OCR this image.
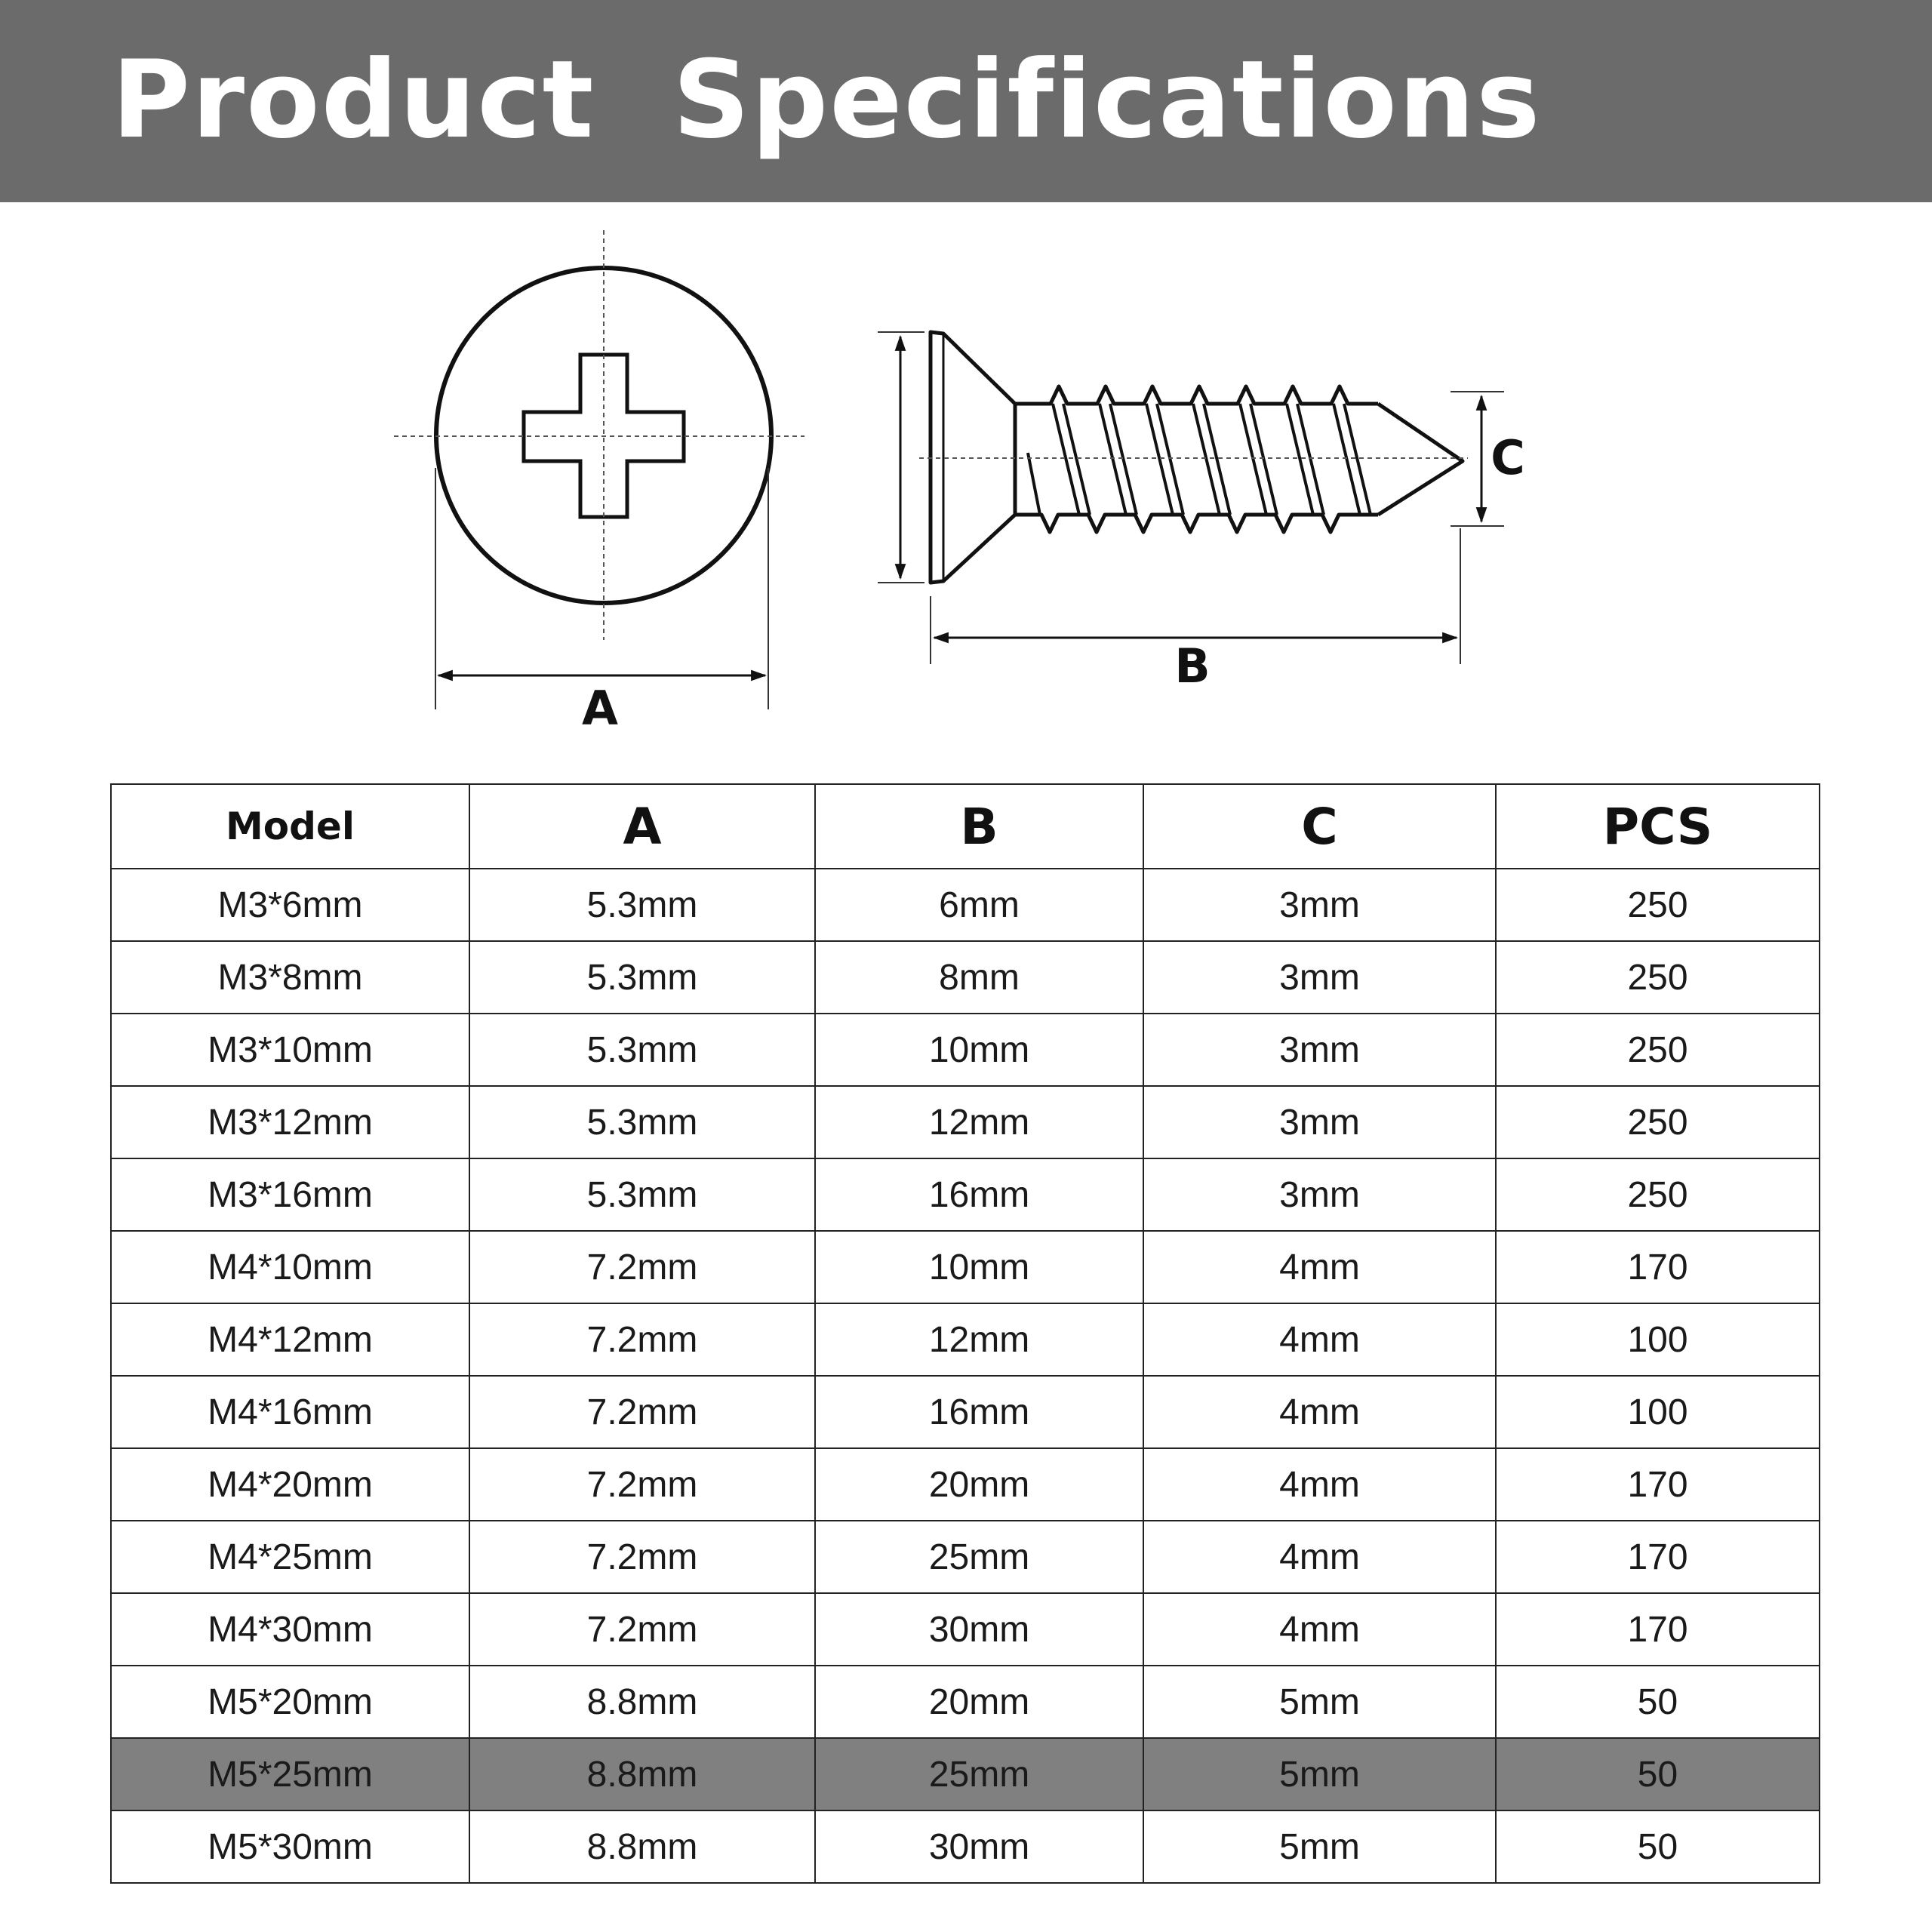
Product  Specifications
A
B
C
Model	A	B	C	PCS
M3*6mm	5.3mm	6mm	3mm	250
M3*8mm	5.3mm	8mm	3mm	250
M3*10mm	5.3mm	10mm	3mm	250
M3*12mm	5.3mm	12mm	3mm	250
M3*16mm	5.3mm	16mm	3mm	250
M4*10mm	7.2mm	10mm	4mm	170
M4*12mm	7.2mm	12mm	4mm	100
M4*16mm	7.2mm	16mm	4mm	100
M4*20mm	7.2mm	20mm	4mm	170
M4*25mm	7.2mm	25mm	4mm	170
M4*30mm	7.2mm	30mm	4mm	170
M5*20mm	8.8mm	20mm	5mm	50
M5*25mm	8.8mm	25mm	5mm	50
M5*30mm	8.8mm	30mm	5mm	50
